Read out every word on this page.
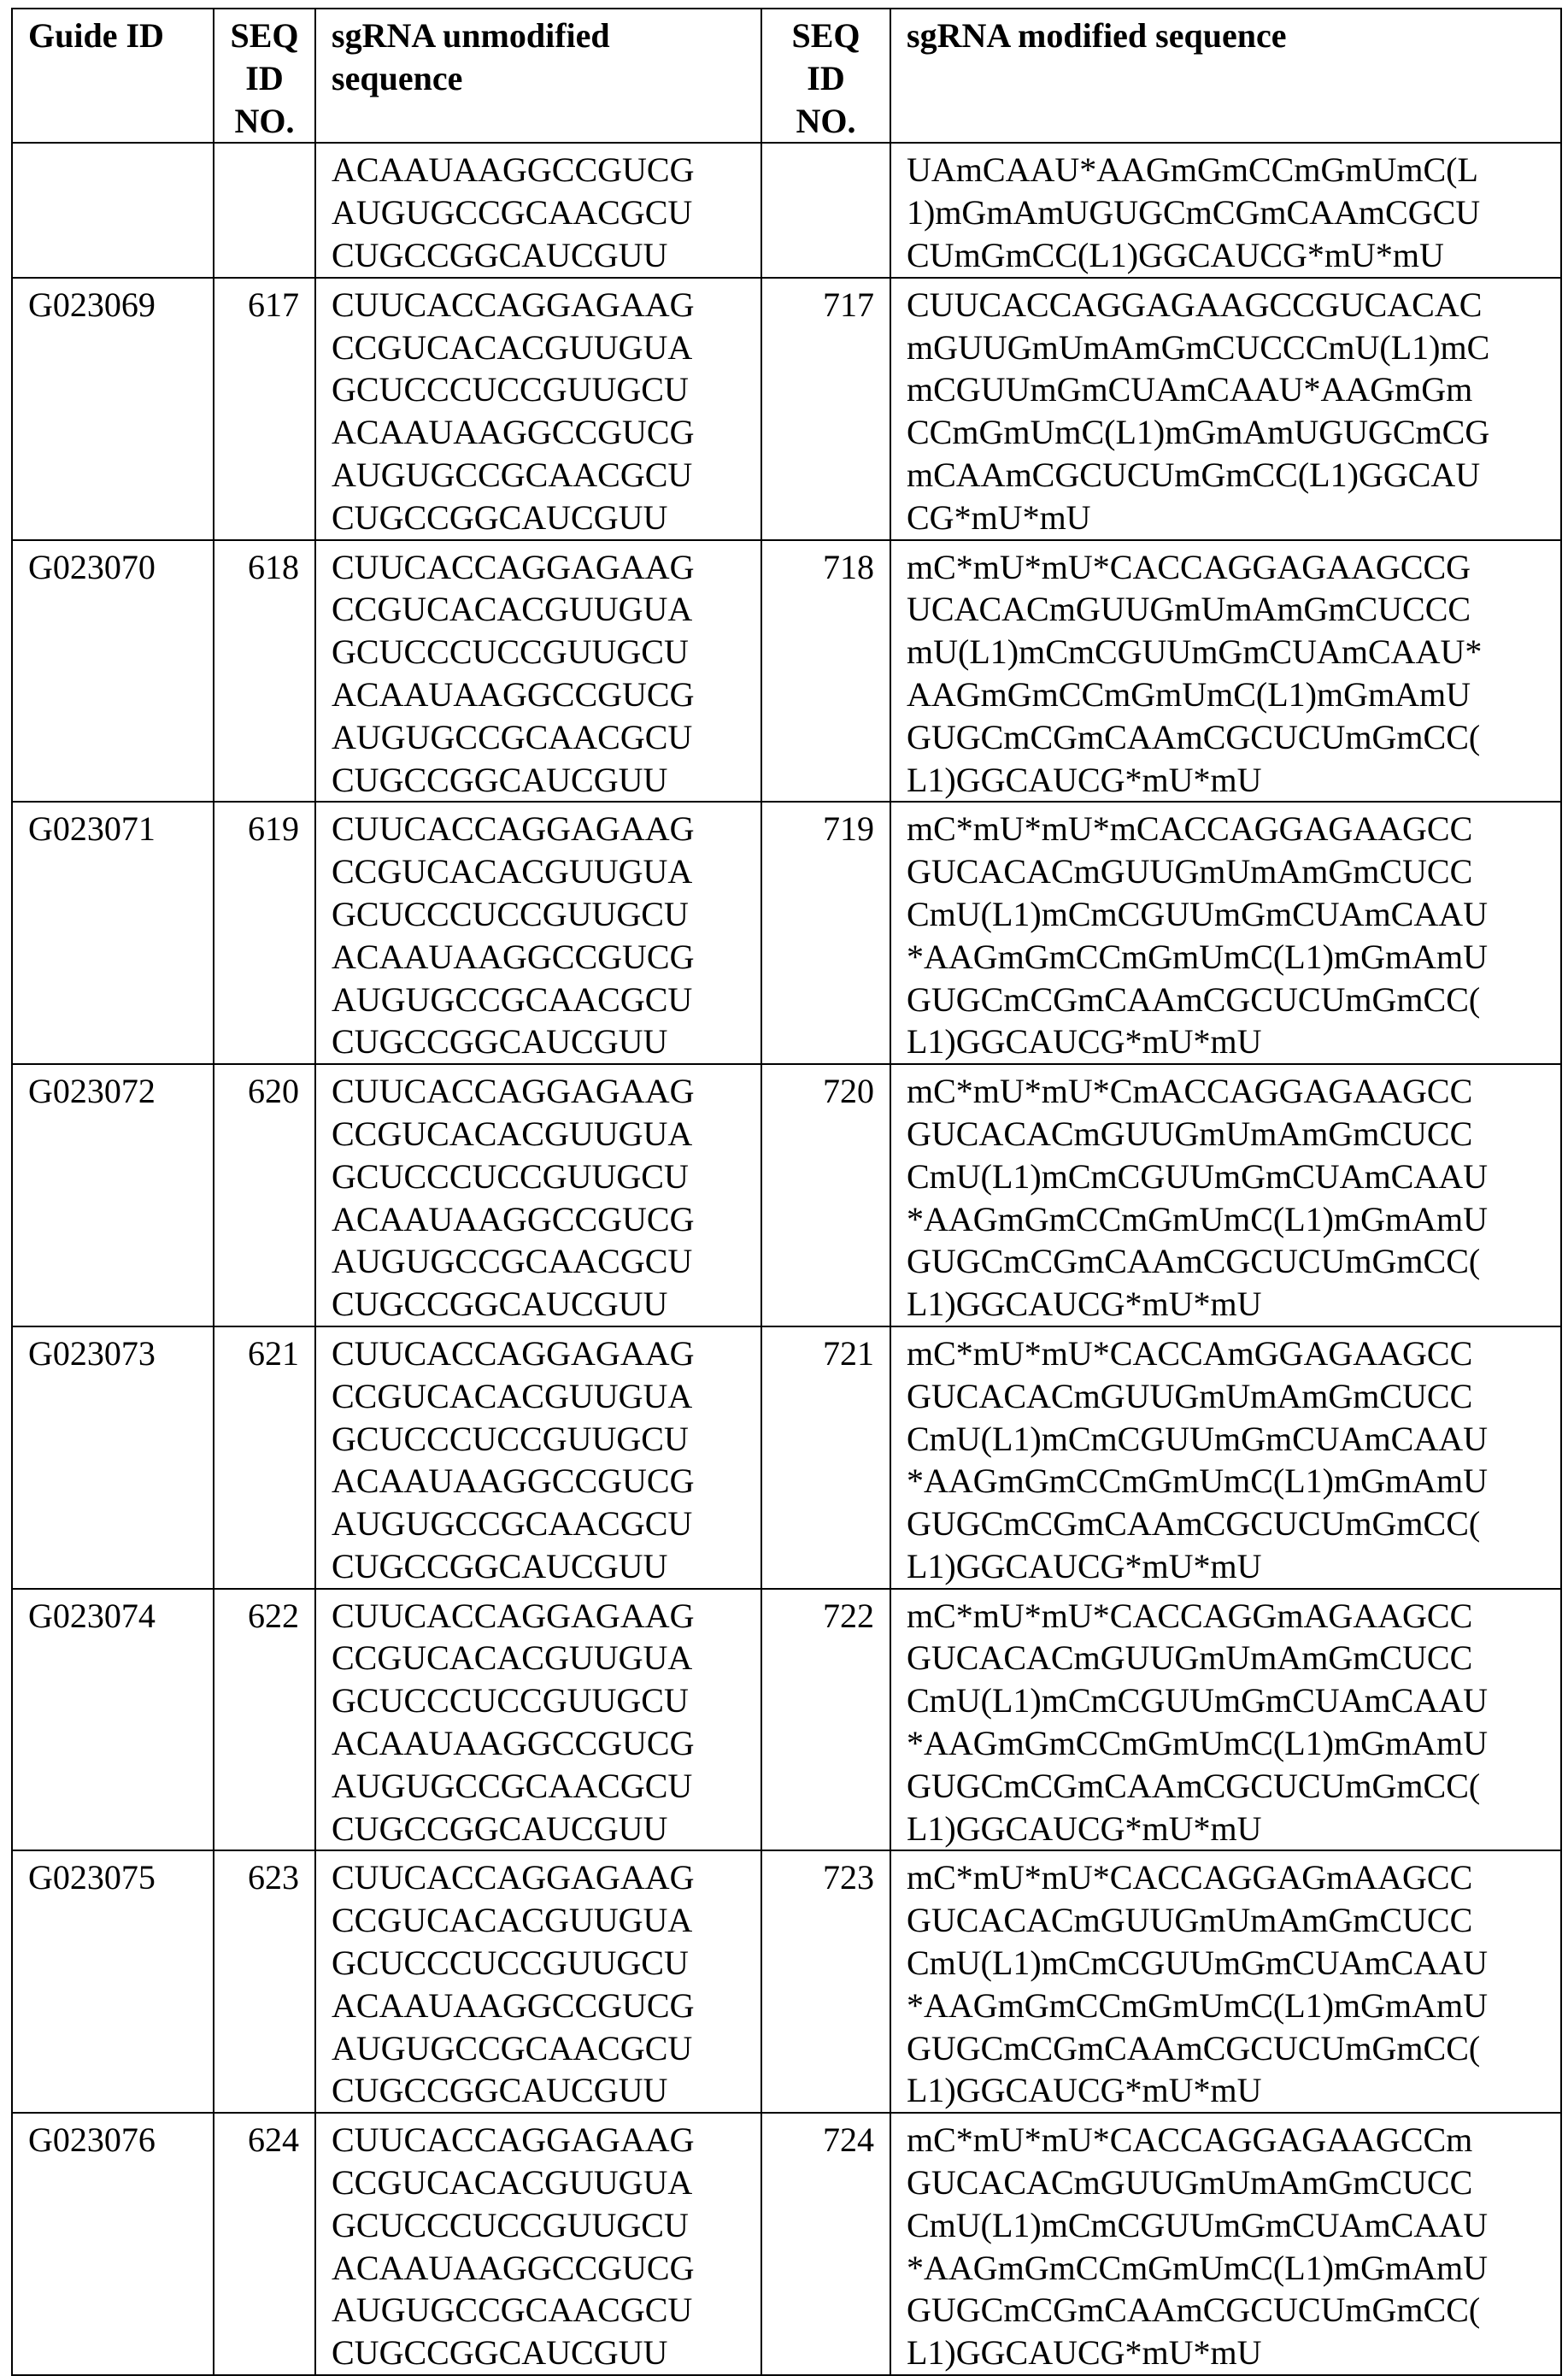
Guide ID	SEQ
ID
NO.

sgRNA unmodified
sequence

SEQ
ID
NO.

sgRNA modified sequence

ACAAUAAGGCCGUCG
AUGUGCCGCAACGCU
CUGCCGGCAUCGUU

UAmCAAU*AAGmGmCCmGmUmC(L
1)mGmAmUGUGCmCGmCAAmCGCU
CUmGmCC(L1)GGCAUCG*mU*mU

G023069	617	CUUCACCAGGAGAAG
CCGUCACACGUUGUA
GCUCCCUCCGUUGCU
ACAAUAAGGCCGUCG
AUGUGCCGCAACGCU
CUGCCGGCAUCGUU
	717	CUUCACCAGGAGAAGCCGUCACAC
mGUUGmUmAmGmCUCCCmU(L1)mC
mCGUUmGmCUAmCAAU*AAGmGm
CCmGmUmC(L1)mGmAmUGUGCmCG
mCAAmCGCUCUmGmCC(L1)GGCAU
CG*mU*mU

G023070	618	CUUCACCAGGAGAAG
CCGUCACACGUUGUA
GCUCCCUCCGUUGCU
ACAAUAAGGCCGUCG
AUGUGCCGCAACGCU
CUGCCGGCAUCGUU
	718	mC*mU*mU*CACCAGGAGAAGCCG
UCACACmGUUGmUmAmGmCUCCC
mU(L1)mCmCGUUmGmCUAmCAAU*
AAGmGmCCmGmUmC(L1)mGmAmU
GUGCmCGmCAAmCGCUCUmGmCC(
L1)GGCAUCG*mU*mU

G023071	619	CUUCACCAGGAGAAG
CCGUCACACGUUGUA
GCUCCCUCCGUUGCU
ACAAUAAGGCCGUCG
AUGUGCCGCAACGCU
CUGCCGGCAUCGUU
	719	mC*mU*mU*mCACCAGGAGAAGCC
GUCACACmGUUGmUmAmGmCUCC
CmU(L1)mCmCGUUmGmCUAmCAAU
*AAGmGmCCmGmUmC(L1)mGmAmU
GUGCmCGmCAAmCGCUCUmGmCC(
L1)GGCAUCG*mU*mU

G023072	620	CUUCACCAGGAGAAG
CCGUCACACGUUGUA
GCUCCCUCCGUUGCU
ACAAUAAGGCCGUCG
AUGUGCCGCAACGCU
CUGCCGGCAUCGUU
	720	mC*mU*mU*CmACCAGGAGAAGCC
GUCACACmGUUGmUmAmGmCUCC
CmU(L1)mCmCGUUmGmCUAmCAAU
*AAGmGmCCmGmUmC(L1)mGmAmU
GUGCmCGmCAAmCGCUCUmGmCC(
L1)GGCAUCG*mU*mU

G023073	621	CUUCACCAGGAGAAG
CCGUCACACGUUGUA
GCUCCCUCCGUUGCU
ACAAUAAGGCCGUCG
AUGUGCCGCAACGCU
CUGCCGGCAUCGUU
	721	mC*mU*mU*CACCAmGGAGAAGCC
GUCACACmGUUGmUmAmGmCUCC
CmU(L1)mCmCGUUmGmCUAmCAAU
*AAGmGmCCmGmUmC(L1)mGmAmU
GUGCmCGmCAAmCGCUCUmGmCC(
L1)GGCAUCG*mU*mU

G023074	622	CUUCACCAGGAGAAG
CCGUCACACGUUGUA
GCUCCCUCCGUUGCU
ACAAUAAGGCCGUCG
AUGUGCCGCAACGCU
CUGCCGGCAUCGUU
	722	mC*mU*mU*CACCAGGmAGAAGCC
GUCACACmGUUGmUmAmGmCUCC
CmU(L1)mCmCGUUmGmCUAmCAAU
*AAGmGmCCmGmUmC(L1)mGmAmU
GUGCmCGmCAAmCGCUCUmGmCC(
L1)GGCAUCG*mU*mU

G023075	623	CUUCACCAGGAGAAG
CCGUCACACGUUGUA
GCUCCCUCCGUUGCU
ACAAUAAGGCCGUCG
AUGUGCCGCAACGCU
CUGCCGGCAUCGUU
	723	mC*mU*mU*CACCAGGAGmAAGCC
GUCACACmGUUGmUmAmGmCUCC
CmU(L1)mCmCGUUmGmCUAmCAAU
*AAGmGmCCmGmUmC(L1)mGmAmU
GUGCmCGmCAAmCGCUCUmGmCC(
L1)GGCAUCG*mU*mU

G023076	624	CUUCACCAGGAGAAG
CCGUCACACGUUGUA
GCUCCCUCCGUUGCU
ACAAUAAGGCCGUCG
AUGUGCCGCAACGCU
CUGCCGGCAUCGUU
	724	mC*mU*mU*CACCAGGAGAAGCCm
GUCACACmGUUGmUmAmGmCUCC
CmU(L1)mCmCGUUmGmCUAmCAAU
*AAGmGmCCmGmUmC(L1)mGmAmU
GUGCmCGmCAAmCGCUCUmGmCC(
L1)GGCAUCG*mU*mU
